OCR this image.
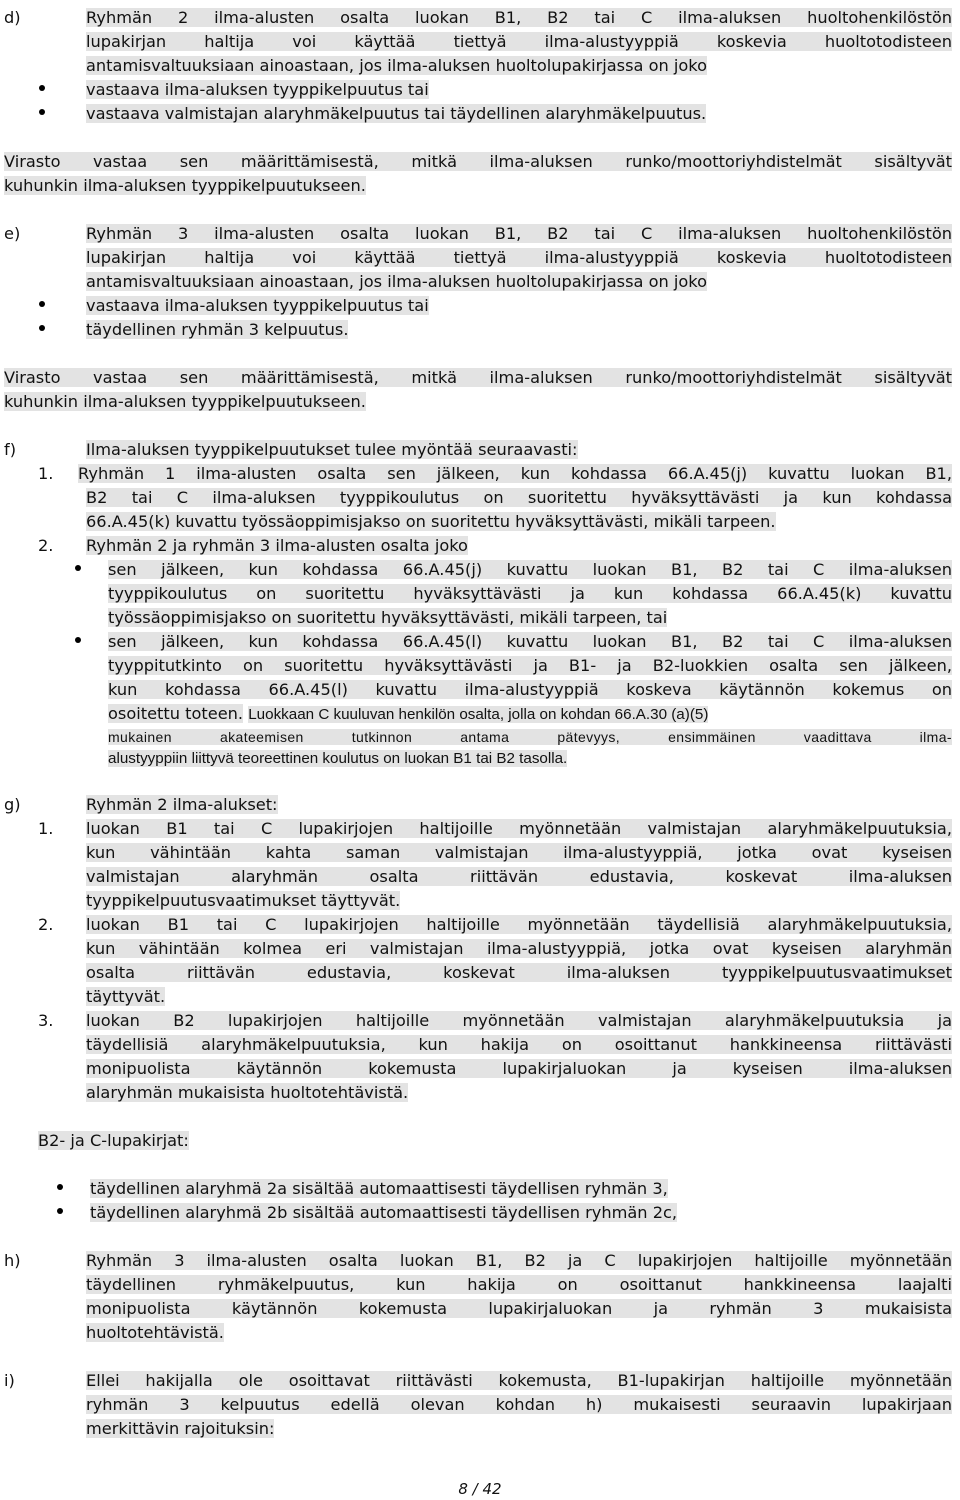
d)	Ryhmän 2 ilma-alusten osalta luokan B1, B2 tai C ilma-aluksen huoltohenkilöstön
lupakirjan haltija voi käyttää tiettyä ilma-alustyyppiä koskevia huoltotodisteen
antamisvaltuuksiaan ainoastaan, jos ilma-aluksen huoltolupakirjassa on joko
vastaava ilma-aluksen tyyppikelpuutus tai
vastaava valmistajan alaryhmäkelpuutus tai täydellinen alaryhmäkelpuutus.
Virasto vastaa sen määrittämisestä, mitkä ilma-aluksen runko/moottoriyhdistelmät sisältyvät
kuhunkin ilma-aluksen tyyppikelpuutukseen.
e)	Ryhmän 3 ilma-alusten osalta luokan B1, B2 tai C ilma-aluksen huoltohenkilöstön
lupakirjan haltija voi käyttää tiettyä ilma-alustyyppiä koskevia huoltotodisteen
antamisvaltuuksiaan ainoastaan, jos ilma-aluksen huoltolupakirjassa on joko
vastaava ilma-aluksen tyyppikelpuutus tai
täydellinen ryhmän 3 kelpuutus.
Virasto vastaa sen määrittämisestä, mitkä ilma-aluksen runko/moottoriyhdistelmät sisältyvät
kuhunkin ilma-aluksen tyyppikelpuutukseen.
f)	Ilma-aluksen tyyppikelpuutukset tulee myöntää seuraavasti:
1. Ryhmän 1 ilma-alusten osalta sen jälkeen, kun kohdassa 66.A.45(j) kuvattu luokan B1,
B2 tai C ilma-aluksen tyyppikoulutus on suoritettu hyväksyttävästi ja kun kohdassa
66.A.45(k) kuvattu työssäoppimisjakso on suoritettu hyväksyttävästi, mikäli tarpeen.
2. Ryhmän 2 ja ryhmän 3 ilma-alusten osalta joko
sen jälkeen, kun kohdassa 66.A.45(j) kuvattu luokan B1, B2 tai C ilma-aluksen
tyyppikoulutus on suoritettu hyväksyttävästi ja kun kohdassa 66.A.45(k) kuvattu
työssäoppimisjakso on suoritettu hyväksyttävästi, mikäli tarpeen, tai
sen jälkeen, kun kohdassa 66.A.45(l) kuvattu luokan B1, B2 tai C ilma-aluksen
tyyppitutkinto on suoritettu hyväksyttävästi ja B1- ja B2-luokkien osalta sen jälkeen,
kun kohdassa 66.A.45(l) kuvattu ilma-alustyyppiä koskeva käytännön kokemus on
osoitettu toteen. Luokkaan C kuuluvan henkilön osalta, jolla on kohdan 66.A.30 (a)(5)
mukainen akateemisen tutkinnon antama pätevyys, ensimmäinen vaadittava ilma-
alustyyppiin liittyvä teoreettinen koulutus on luokan B1 tai B2 tasolla.
g)	Ryhmän 2 ilma-alukset:
1. luokan B1 tai C lupakirjojen haltijoille myönnetään valmistajan alaryhmäkelpuutuksia,
kun vähintään kahta saman valmistajan ilma-alustyyppiä, jotka ovat kyseisen
valmistajan alaryhmän osalta riittävän edustavia, koskevat ilma-aluksen
tyyppikelpuutusvaatimukset täyttyvät.
2. luokan B1 tai C lupakirjojen haltijoille myönnetään täydellisiä alaryhmäkelpuutuksia,
kun vähintään kolmea eri valmistajan ilma-alustyyppiä, jotka ovat kyseisen alaryhmän
osalta riittävän edustavia, koskevat ilma-aluksen tyyppikelpuutusvaatimukset
täyttyvät.
3. luokan B2 lupakirjojen haltijoille myönnetään valmistajan alaryhmäkelpuutuksia ja
täydellisiä alaryhmäkelpuutuksia, kun hakija on osoittanut hankkineensa riittävästi
monipuolista käytännön kokemusta lupakirjaluokan ja kyseisen ilma-aluksen
alaryhmän mukaisista huoltotehtävistä.
B2- ja C-lupakirjat:
täydellinen alaryhmä 2a sisältää automaattisesti täydellisen ryhmän 3,
täydellinen alaryhmä 2b sisältää automaattisesti täydellisen ryhmän 2c,
h)	Ryhmän 3 ilma-alusten osalta luokan B1, B2 ja C lupakirjojen haltijoille myönnetään
täydellinen ryhmäkelpuutus, kun hakija on osoittanut hankkineensa laajalti
monipuolista käytännön kokemusta lupakirjaluokan ja ryhmän 3 mukaisista
huoltotehtävistä.
i)	Ellei hakijalla ole osoittavat riittävästi kokemusta, B1-lupakirjan haltijoille myönnetään
ryhmän 3 kelpuutus edellä olevan kohdan h) mukaisesti seuraavin lupakirjaan
merkittävin rajoituksin:
8 / 42
